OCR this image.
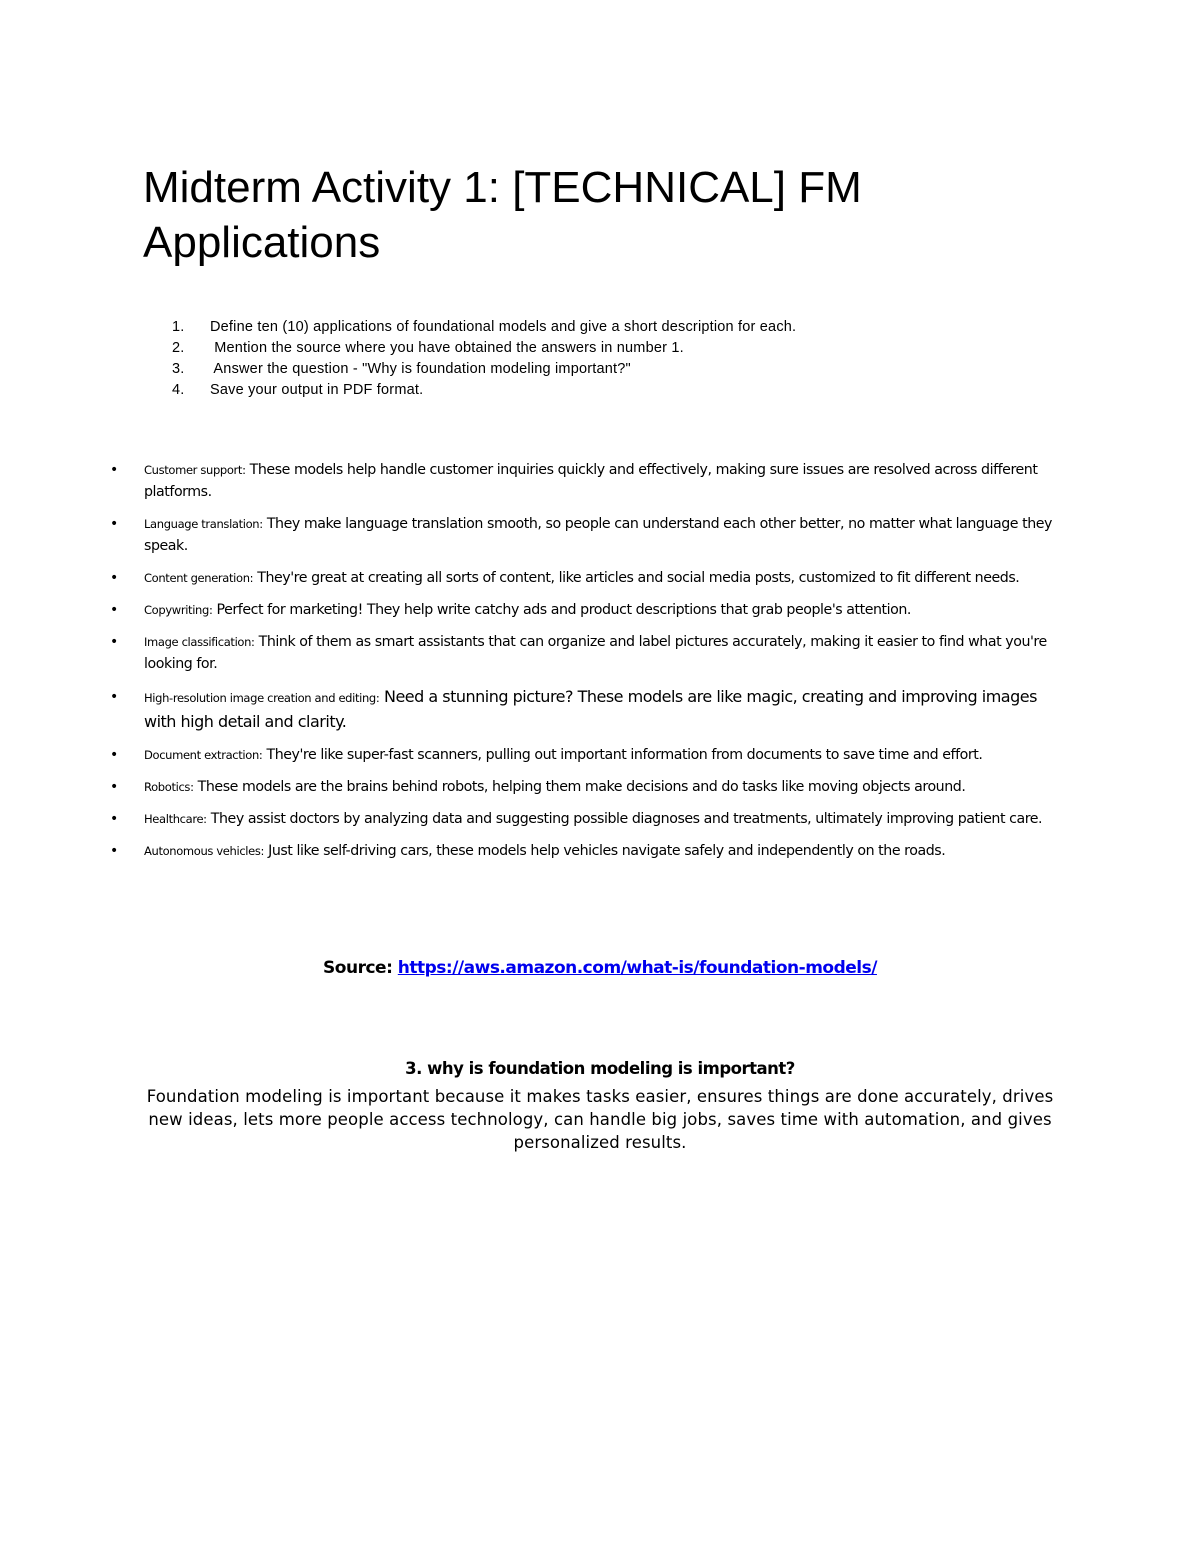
Midterm Activity 1: [TECHNICAL] FM Applications
1.	Define ten (10) applications of foundational models and give a short description for each.
2.	Mention the source where you have obtained the answers in number 1.
3.	Answer the question - "Why is foundation modeling important?"
4.	Save your output in PDF format.
• Customer support: These models help handle customer inquiries quickly and effectively, making sure issues are resolved across different platforms.
• Language translation: They make language translation smooth, so people can understand each other better, no matter what language they speak.
• Content generation: They're great at creating all sorts of content, like articles and social media posts, customized to fit different needs.
• Copywriting: Perfect for marketing! They help write catchy ads and product descriptions that grab people's attention.
• Image classification: Think of them as smart assistants that can organize and label pictures accurately, making it easier to find what you're looking for.
• High-resolution image creation and editing: Need a stunning picture? These models are like magic, creating and improving images with high detail and clarity.
• Document extraction: They're like super-fast scanners, pulling out important information from documents to save time and effort.
• Robotics: These models are the brains behind robots, helping them make decisions and do tasks like moving objects around.
• Healthcare: They assist doctors by analyzing data and suggesting possible diagnoses and treatments, ultimately improving patient care.
• Autonomous vehicles: Just like self-driving cars, these models help vehicles navigate safely and independently on the roads.

Source: https://aws.amazon.com/what-is/foundation-models/

3. why is foundation modeling is important?

Foundation modeling is important because it makes tasks easier, ensures things are done accurately, drives new ideas, lets more people access technology, can handle big jobs, saves time with automation, and gives personalized results.
